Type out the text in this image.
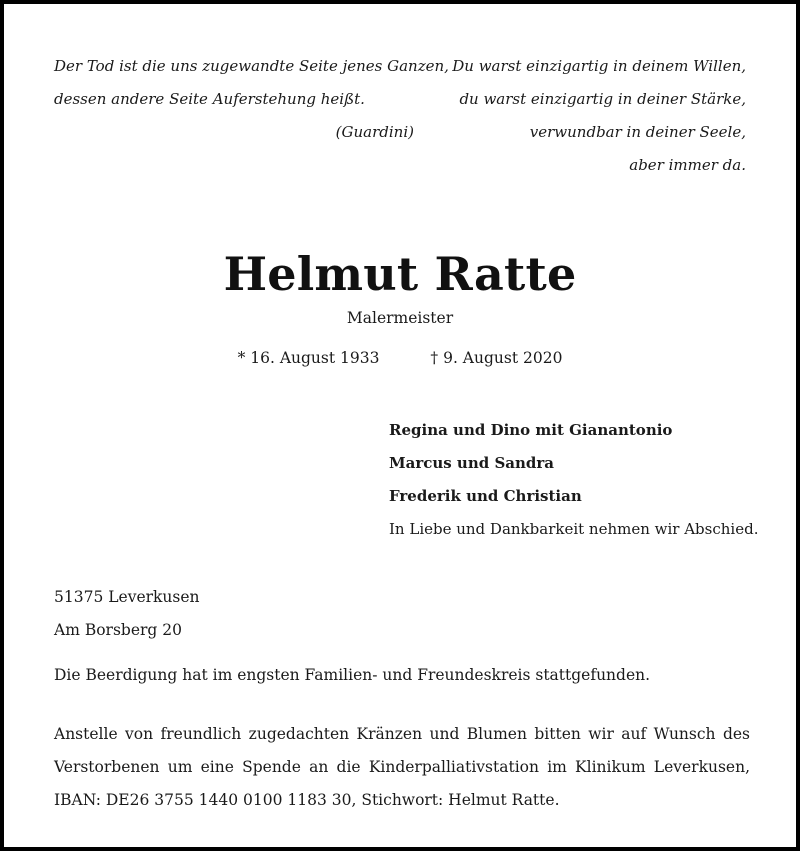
Der Tod ist die uns zugewandte Seite jenes Ganzen,
dessen andere Seite Auferstehung heißt.
(Guardini)
Du warst einzigartig in deinem Willen,
du warst einzigartig in deiner Stärke,
verwundbar in deiner Seele,
aber immer da.
Helmut Ratte
Malermeister
* 16. August 1933	† 9. August 2020
Regina und Dino mit Gianantonio
Marcus und Sandra
Frederik und Christian
In Liebe und Dankbarkeit nehmen wir Abschied.
51375 Leverkusen
Am Borsberg 20
Die Beerdigung hat im engsten Familien- und Freundeskreis stattgefunden.
Anstelle von freundlich zugedachten Kränzen und Blumen bitten wir auf Wunsch des
Verstorbenen um eine Spende an die Kinderpalliativstation im Klinikum Leverkusen,
IBAN: DE26 3755 1440 0100 1183 30, Stichwort: Helmut Ratte.
